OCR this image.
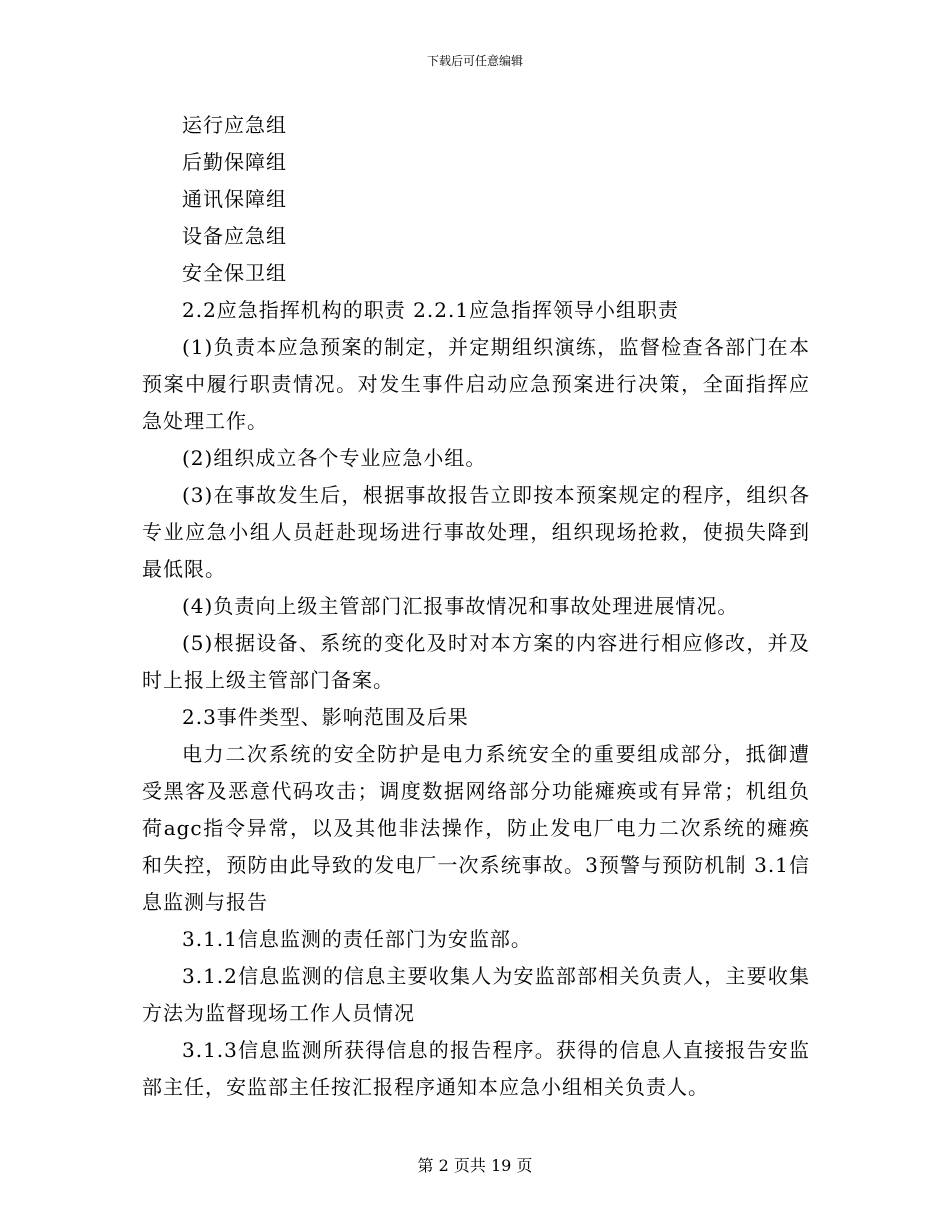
下载后可任意编辑

运行应急组

后勤保障组

通讯保障组

设备应急组

安全保卫组

2.2应急指挥机构的职责 2.2.1应急指挥领导小组职责

(1)负责本应急预案的制定，并定期组织演练，监督检查各部门在本预案中履行职责情况。对发生事件启动应急预案进行决策，全面指挥应急处理工作。

(2)组织成立各个专业应急小组。

(3)在事故发生后，根据事故报告立即按本预案规定的程序，组织各专业应急小组人员赶赴现场进行事故处理，组织现场抢救，使损失降到最低限。

(4)负责向上级主管部门汇报事故情况和事故处理进展情况。

(5)根据设备、系统的变化及时对本方案的内容进行相应修改，并及时上报上级主管部门备案。

2.3事件类型、影响范围及后果

电力二次系统的安全防护是电力系统安全的重要组成部分，抵御遭受黑客及恶意代码攻击；调度数据网络部分功能瘫痪或有异常；机组负荷agc指令异常，以及其他非法操作，防止发电厂电力二次系统的瘫痪和失控，预防由此导致的发电厂一次系统事故。3预警与预防机制 3.1信息监测与报告

3.1.1信息监测的责任部门为安监部。

3.1.2信息监测的信息主要收集人为安监部部相关负责人，主要收集方法为监督现场工作人员情况

3.1.3信息监测所获得信息的报告程序。获得的信息人直接报告安监部主任，安监部主任按汇报程序通知本应急小组相关负责人。

第 2 页共 19 页
